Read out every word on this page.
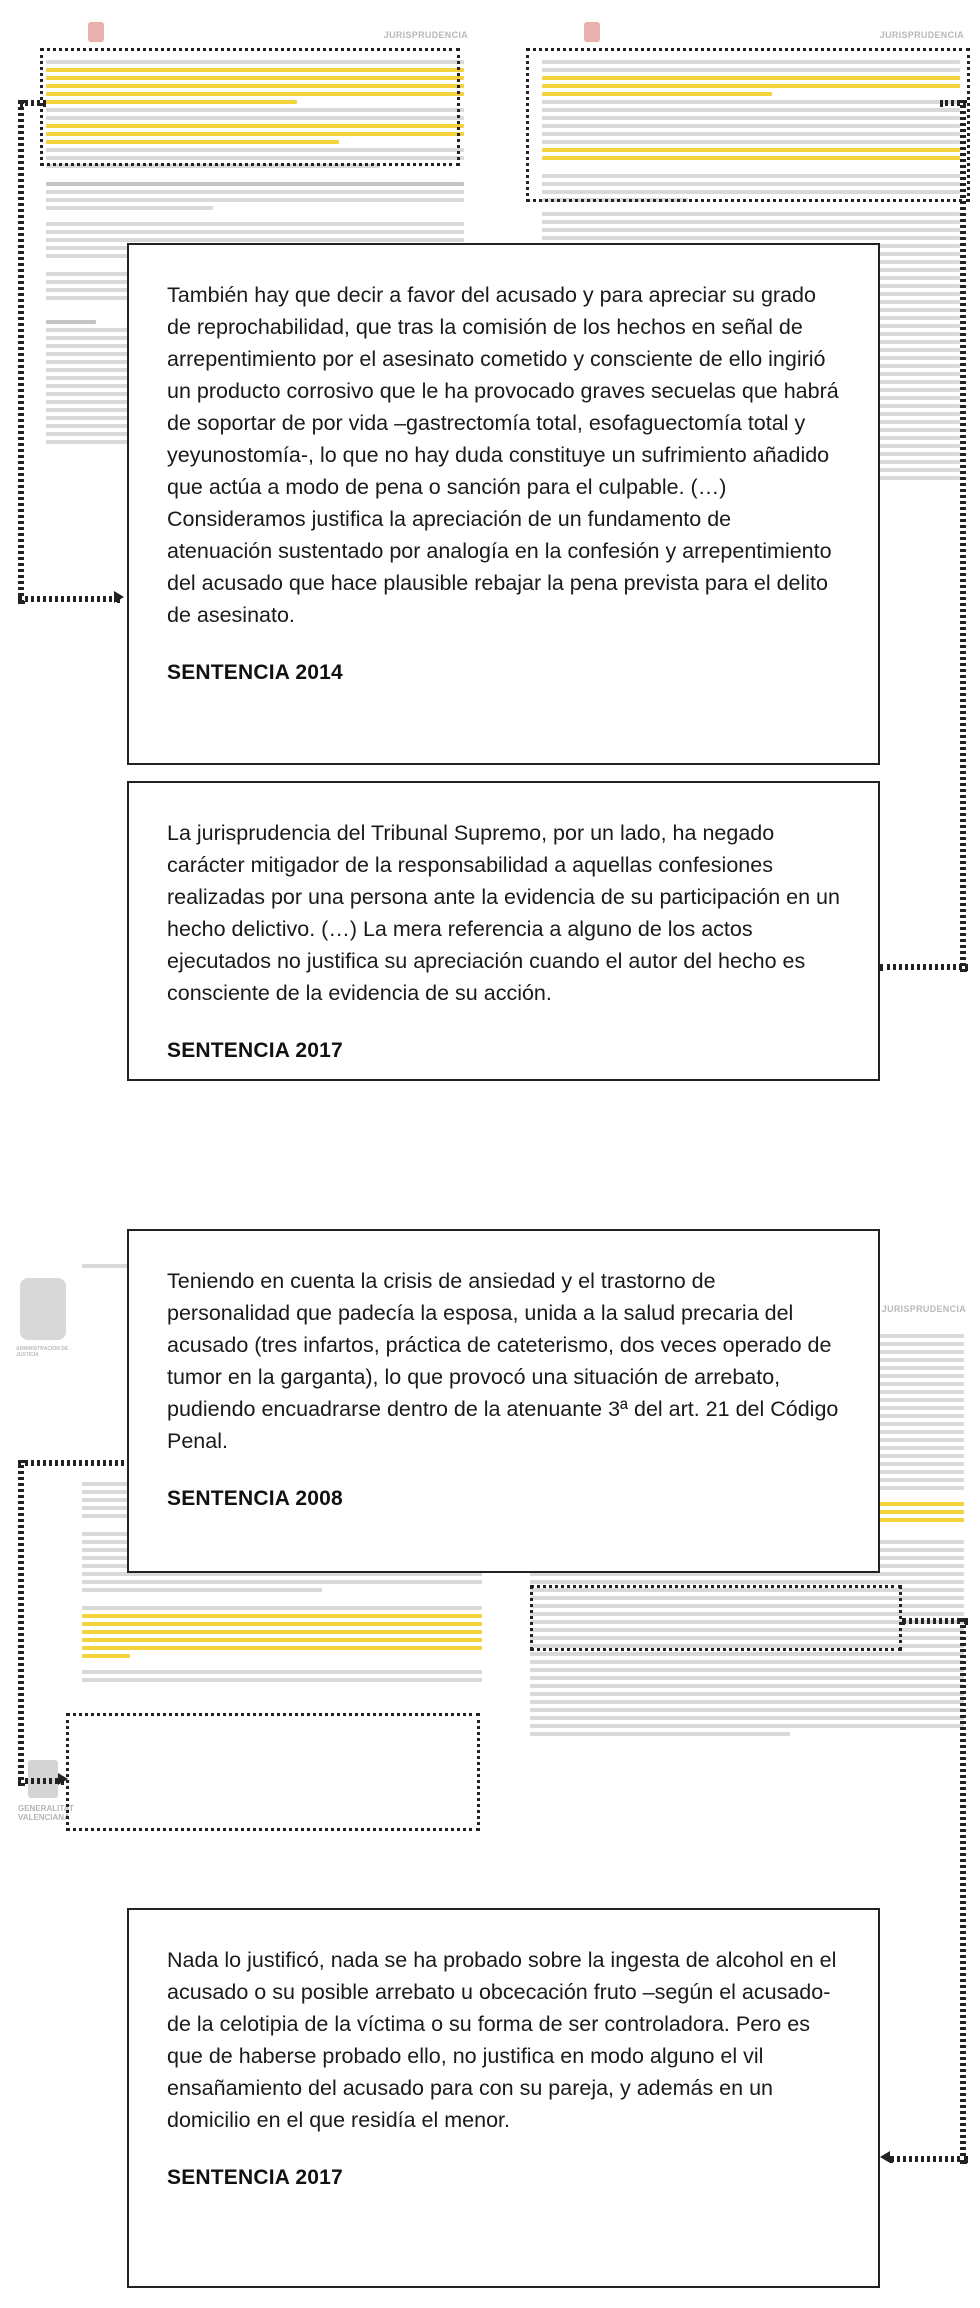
JURISPRUDENCIA	JURISPRUDENCIA

También hay que decir a favor del acusado y para apreciar su grado de reprochabilidad, que tras la comisión de los hechos en señal de arrepentimiento por el asesinato cometido y consciente de ello ingirió un producto corrosivo que le ha provocado graves secuelas que habrá de soportar de por vida –gastrectomía total, esofaguectomía total y yeyunostomía-, lo que no hay duda constituye un sufrimiento añadido que actúa a modo de pena o sanción para el culpable. (…) Consideramos justifica la apreciación de un fundamento de atenuación sustentado por analogía en la confesión y arrepentimiento del acusado que hace plausible rebajar la pena prevista para el delito de asesinato.

SENTENCIA 2014

La jurisprudencia del Tribunal Supremo, por un lado, ha negado carácter mitigador de la responsabilidad a aquellas confesiones realizadas por una persona ante la evidencia de su participación en un hecho delictivo. (…) La mera referencia a alguno de los actos ejecutados no justifica su apreciación cuando el autor del hecho es consciente de la evidencia de su acción.

SENTENCIA 2017
ADMINISTRACIÓN DE JUSTICIA
GENERALITAT VALENCIANA
JURISPRUDENCIA

Teniendo en cuenta la crisis de ansiedad y el trastorno de personalidad que padecía la esposa, unida a la salud precaria del acusado (tres infartos, práctica de cateterismo, dos veces operado de tumor en la garganta), lo que provocó una situación de arrebato, pudiendo encuadrarse dentro de la atenuante 3ª del art. 21 del Código Penal.

SENTENCIA 2008

Nada lo justificó, nada se ha probado sobre la ingesta de alcohol en el acusado o su posible arrebato u obcecación fruto –según el acusado- de la celotipia de la víctima o su forma de ser controladora. Pero es que de haberse probado ello, no justifica en modo alguno el vil ensañamiento del acusado para con su pareja, y además en un domicilio en el que residía el menor.

SENTENCIA 2017
